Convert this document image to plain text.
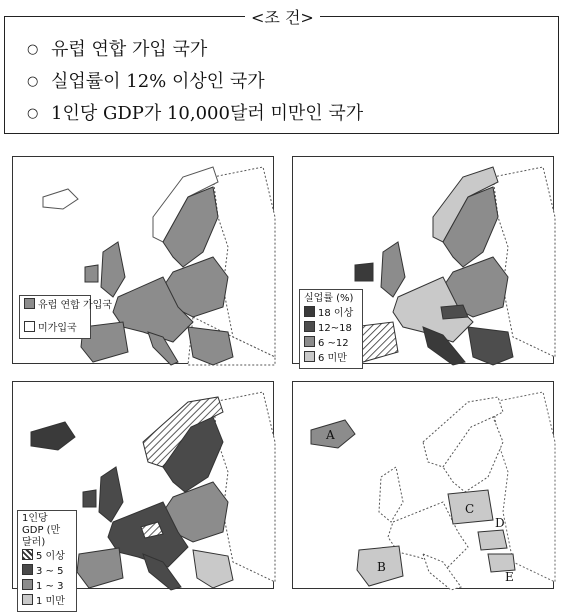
<조 건>
○ 유럽 연합 가입 국가
○ 실업률이 12% 이상인 국가
○ 1인당 GDP가 10,000달러 미만인 국가
유럽 연합 가입국
미가입국
실업률 (%)
18 이상
12~18
6 ~12
6 미만
1인당 GDP (만 달러)
5 이상
3 ~ 5
1 ~ 3
1 미만
A
B
C
D
E
